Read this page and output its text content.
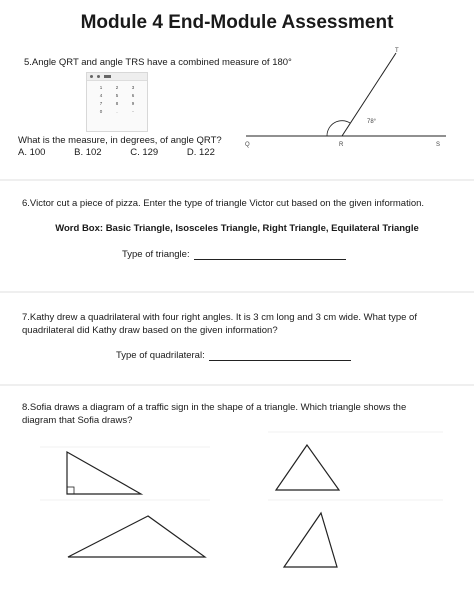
Module 4 End-Module Assessment
5.Angle QRT and angle TRS have a combined measure of 180°
1	2	3
4	5	6
7	8	9
0	.	-
What is the measure, in degrees, of angle QRT?
A. 100	B. 102	C. 129	D. 122
T
Q	R	S
78°
6.Victor cut a piece of pizza. Enter the type of triangle Victor cut based on the given information.
Word Box: Basic Triangle, Isosceles Triangle, Right Triangle, Equilateral Triangle
Type of triangle:
7.Kathy drew a quadrilateral with four right angles. It is 3 cm long and 3 cm wide. What type of
quadrilateral did Kathy draw based on the given information?
Type of quadrilateral:
8.Sofia draws a diagram of a traffic sign in the shape of a triangle. Which triangle shows the
diagram that Sofia draws?
